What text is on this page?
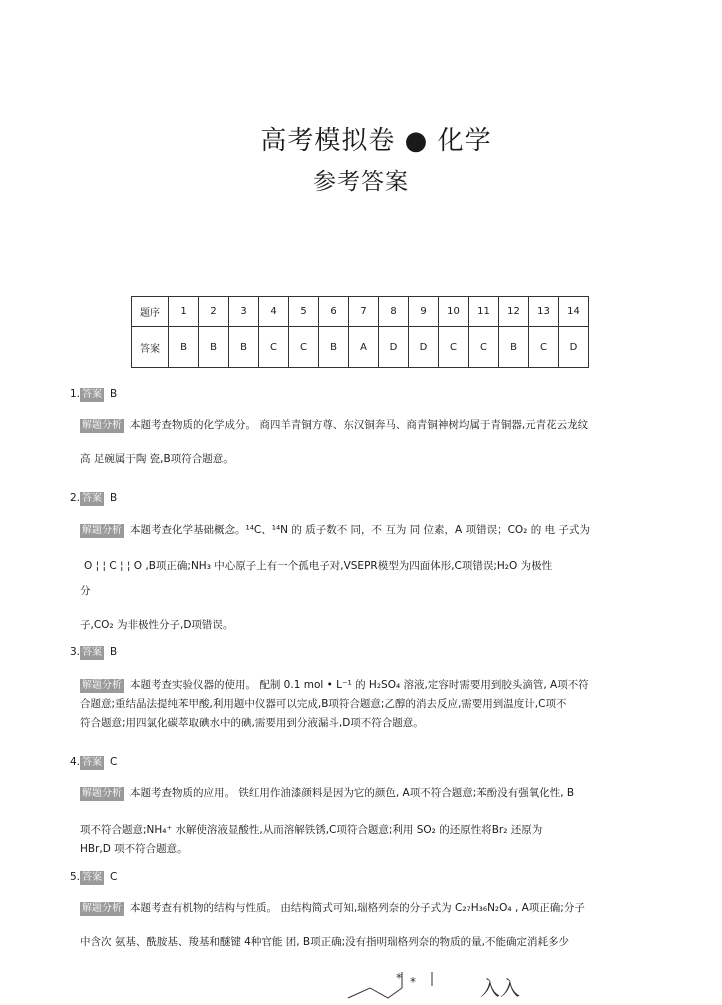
高考模拟卷 ● 化学
参考答案
题序	1	2	3	4	5	6	7	8	9	10	11	12	13	14
答案	B	B	B	C	C	B	A	D	D	C	C	B	C	D
1. 答案 B
解题分析 本题考查物质的化学成分。 商四羊青铜方尊、东汉铜奔马、商青铜神树均属于青铜器,元青花云龙纹
高 足碗属于陶 瓷,B项符合题意。
2. 答案 B
解题分析 本题考查化学基础概念。¹⁴C、¹⁴N 的 质子数不 同，不 互为 同 位素，A 项错误；CO₂ 的 电 子式为
O ¦ ¦ C ¦ ¦ O ,B项正确;NH₃ 中心原子上有一个孤电子对,VSEPR模型为四面体形,C项错误;H₂O 为极性
分
子,CO₂ 为非极性分子,D项错误。
3. 答案 B
解题分析 本题考查实验仪器的使用。 配制 0.1 mol • L⁻¹ 的 H₂SO₄ 溶液,定容时需要用到胶头滴管, A项不符
合题意;重结晶法提纯苯甲酸,利用题中仪器可以完成,B项符合题意;乙醇的消去反应,需要用到温度计,C项不
符合题意;用四氯化碳萃取碘水中的碘,需要用到分液漏斗,D项不符合题意。
4. 答案 C
解题分析 本题考查物质的应用。 铁红用作油漆颜料是因为它的颜色, A项不符合题意;苯酚没有强氧化性, B
项不符合题意;NH₄⁺ 水解使溶液显酸性,从而溶解铁锈,C项符合题意;利用 SO₂ 的还原性将Br₂ 还原为
HBr,D 项不符合题意。
5. 答案 C
解题分析 本题考查有机物的结构与性质。 由结构简式可知,瑞格列奈的分子式为 C₂₇H₃₆N₂O₄ , A项正确;分子
中含次 氨基、酰胺基、羧基和醚键 4种官能 团, B项正确;没有指明瑞格列奈的物质的量,不能确定消耗多少
* *	入入
